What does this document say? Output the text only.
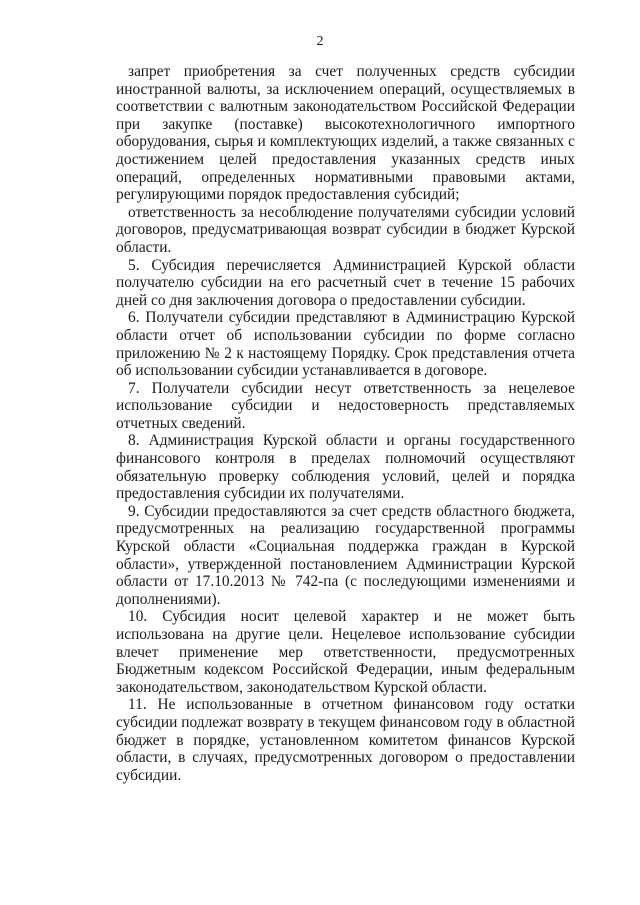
2

запрет приобретения за счет полученных средств субсидии иностранной валюты, за исключением операций, осуществляемых в соответствии с валютным законодательством Российской Федерации при закупке (поставке) высокотехнологичного импортного оборудования, сырья и комплектующих изделий, а также связанных с достижением целей предоставления указанных средств иных операций, определенных нормативными правовыми актами, регулирующими порядок предоставления субсидий;

ответственность за несоблюдение получателями субсидии условий договоров, предусматривающая возврат субсидии в бюджет Курской области.

5. Субсидия перечисляется Администрацией Курской области получателю субсидии на его расчетный счет в течение 15 рабочих дней со дня заключения договора о предоставлении субсидии.

6. Получатели субсидии представляют в Администрацию Курской области отчет об использовании субсидии по форме согласно приложению № 2 к настоящему Порядку. Срок представления отчета об использовании субсидии устанавливается в договоре.

7. Получатели субсидии несут ответственность за нецелевое использование субсидии и недостоверность представляемых отчетных сведений.

8. Администрация Курской области и органы государственного финансового контроля в пределах полномочий осуществляют обязательную проверку соблюдения условий, целей и порядка предоставления субсидии их получателями.

9. Субсидии предоставляются за счет средств областного бюджета, предусмотренных на реализацию государственной программы Курской области «Социальная поддержка граждан в Курской области», утвержденной постановлением Администрации Курской области от 17.10.2013 № 742-па (с последующими изменениями и дополнениями).

10. Субсидия носит целевой характер и не может быть использована на другие цели. Нецелевое использование субсидии влечет применение мер ответственности, предусмотренных Бюджетным кодексом Российской Федерации, иным федеральным законодательством, законодательством Курской области.

11. Не использованные в отчетном финансовом году остатки субсидии подлежат возврату в текущем финансовом году в областной бюджет в порядке, установленном комитетом финансов Курской области, в случаях, предусмотренных договором о предоставлении субсидии.
